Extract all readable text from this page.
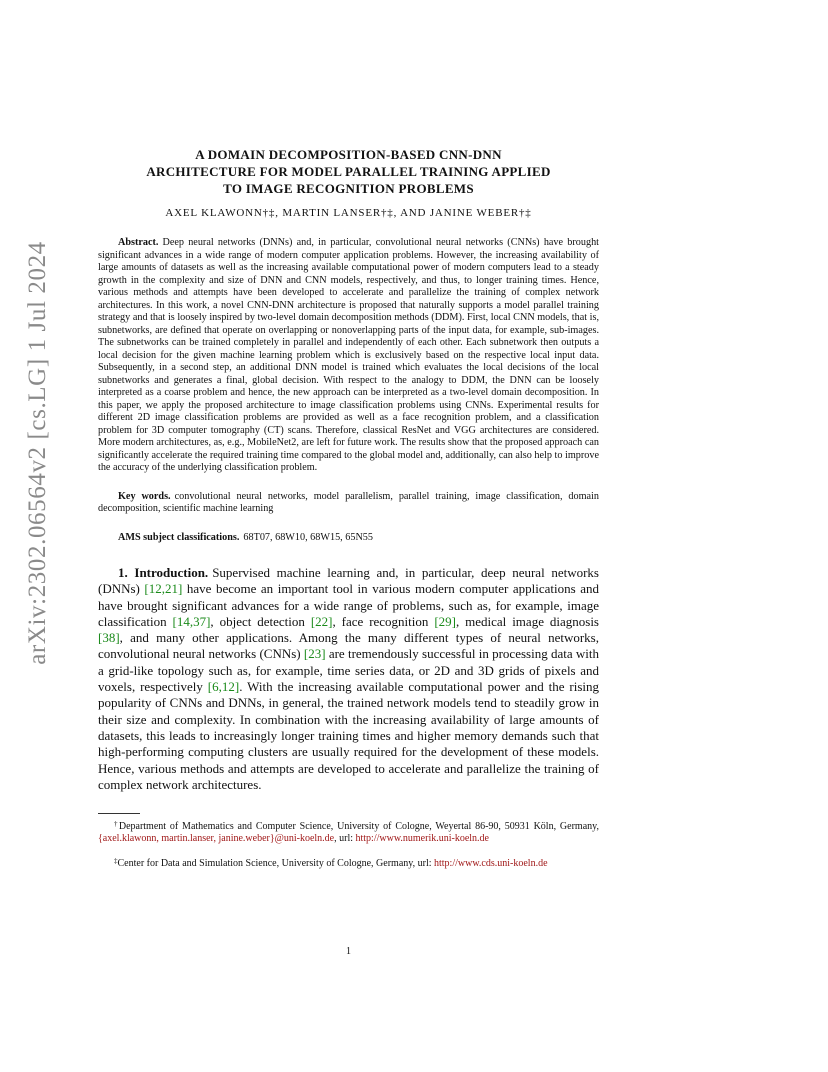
arXiv:2302.06564v2 [cs.LG] 1 Jul 2024
A DOMAIN DECOMPOSITION-BASED CNN-DNN
ARCHITECTURE FOR MODEL PARALLEL TRAINING APPLIED
TO IMAGE RECOGNITION PROBLEMS
AXEL KLAWONN†‡, MARTIN LANSER†‡, AND JANINE WEBER†‡

Abstract. Deep neural networks (DNNs) and, in particular, convolutional neural networks (CNNs) have brought significant advances in a wide range of modern computer application problems. However, the increasing availability of large amounts of datasets as well as the increasing available computational power of modern computers lead to a steady growth in the complexity and size of DNN and CNN models, respectively, and thus, to longer training times. Hence, various methods and attempts have been developed to accelerate and parallelize the training of complex network architectures. In this work, a novel CNN-DNN architecture is proposed that naturally supports a model parallel training strategy and that is loosely inspired by two-level domain decomposition methods (DDM). First, local CNN models, that is, subnetworks, are defined that operate on overlapping or nonoverlapping parts of the input data, for example, sub-images. The subnetworks can be trained completely in parallel and independently of each other. Each subnetwork then outputs a local decision for the given machine learning problem which is exclusively based on the respective local input data. Subsequently, in a second step, an additional DNN model is trained which evaluates the local decisions of the local subnetworks and generates a final, global decision. With respect to the analogy to DDM, the DNN can be loosely interpreted as a coarse problem and hence, the new approach can be interpreted as a two-level domain decomposition. In this paper, we apply the proposed architecture to image classification problems using CNNs. Experimental results for different 2D image classification problems are provided as well as a face recognition problem, and a classification problem for 3D computer tomography (CT) scans. Therefore, classical ResNet and VGG architectures are considered. More modern architectures, as, e.g., MobileNet2, are left for future work. The results show that the proposed approach can significantly accelerate the required training time compared to the global model and, additionally, can also help to improve the accuracy of the underlying classification problem.

Key words. convolutional neural networks, model parallelism, parallel training, image classification, domain decomposition, scientific machine learning

AMS subject classifications. 68T07, 68W10, 68W15, 65N55

1. Introduction. Supervised machine learning and, in particular, deep neural networks (DNNs) [12,21] have become an important tool in various modern computer applications and have brought significant advances for a wide range of problems, such as, for example, image classification [14,37], object detection [22], face recognition [29], medical image diagnosis [38], and many other applications. Among the many different types of neural networks, convolutional neural networks (CNNs) [23] are tremendously successful in processing data with a grid-like topology such as, for example, time series data, or 2D and 3D grids of pixels and voxels, respectively [6,12]. With the increasing available computational power and the rising popularity of CNNs and DNNs, in general, the trained network models tend to steadily grow in their size and complexity. In combination with the increasing availability of large amounts of datasets, this leads to increasingly longer training times and higher memory demands such that high-performing computing clusters are usually required for the development of these models. Hence, various methods and attempts are developed to accelerate and parallelize the training of complex network architectures.

†Department of Mathematics and Computer Science, University of Cologne, Weyertal 86-90, 50931 Köln, Germany, {axel.klawonn, martin.lanser, janine.weber}@uni-koeln.de, url: http://www.numerik.uni-koeln.de

‡Center for Data and Simulation Science, University of Cologne, Germany, url: http://www.cds.uni-koeln.de

1
